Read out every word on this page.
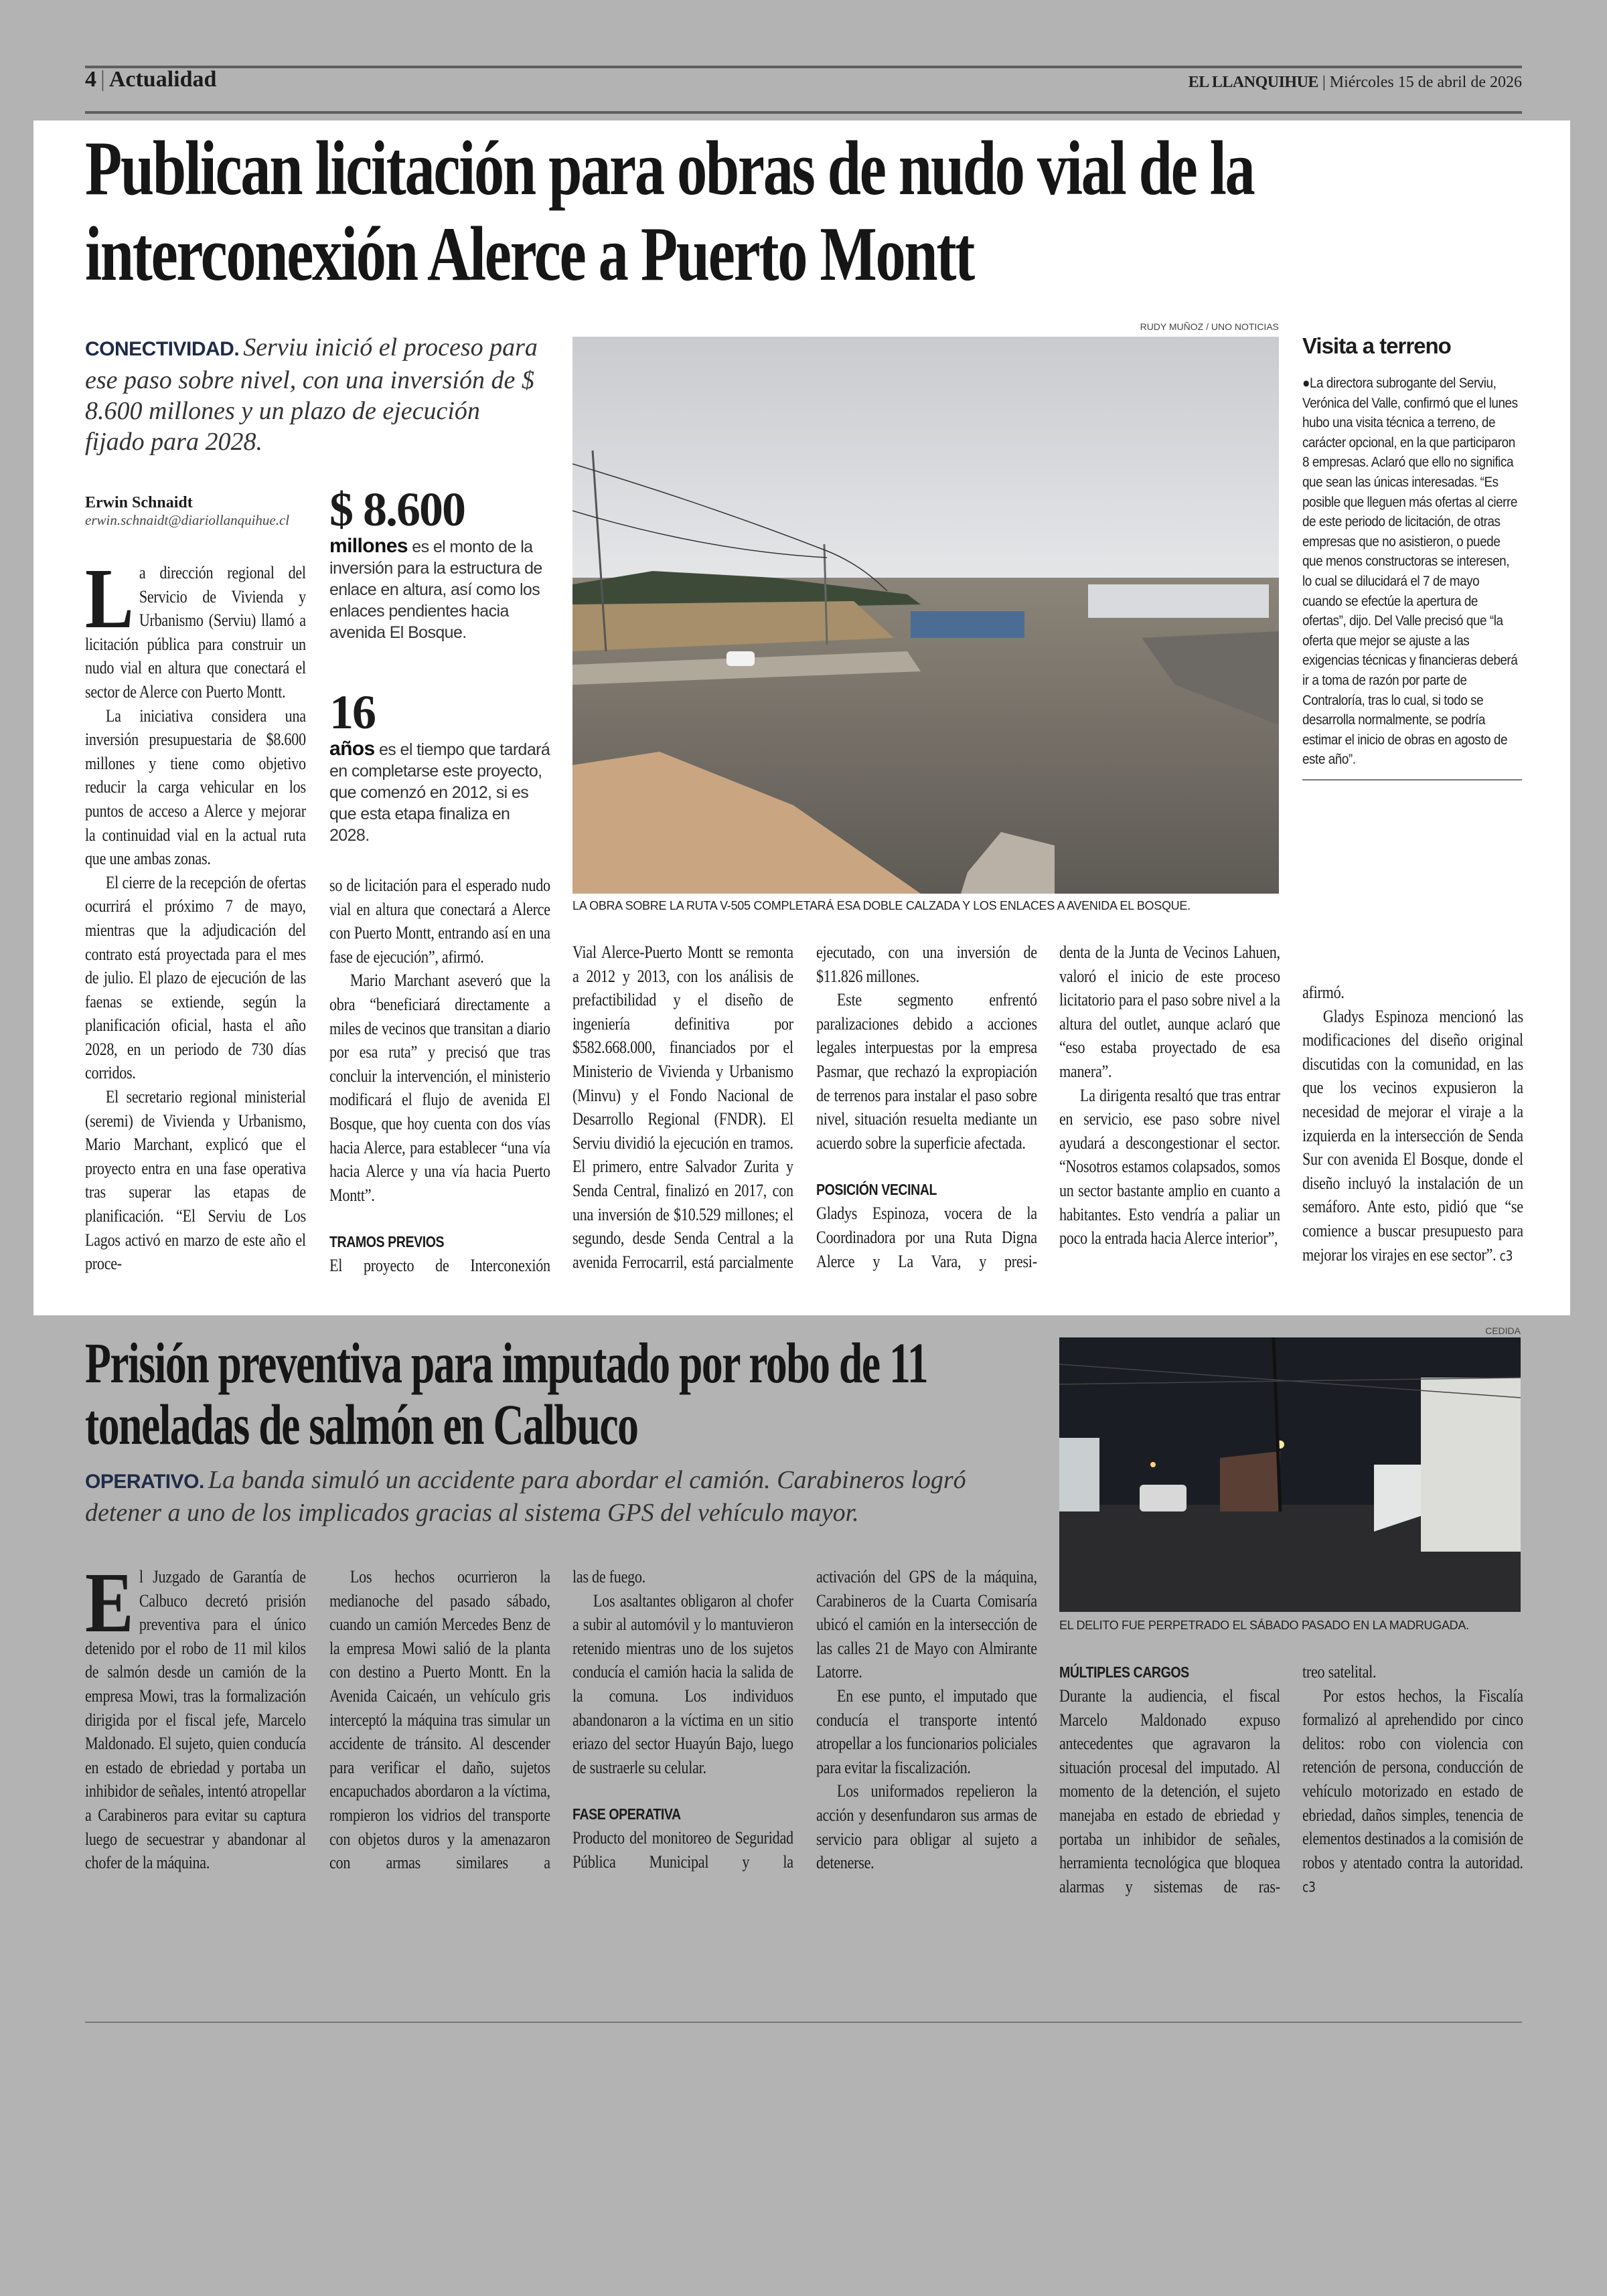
4 | Actualidad	EL LLANQUIHUE | Miércoles 15 de abril de 2026
Publican licitación para obras de nudo vial de la interconexión Alerce a Puerto Montt
CONECTIVIDAD. Serviu inició el proceso para ese paso sobre nivel, con una inversión de $ 8.600 millones y un plazo de ejecución fijado para 2028.
Erwin Schnaidt
erwin.schnaidt@diariollanquihue.cl

La dirección regional del Servicio de Vivienda y Urbanismo (Serviu) llamó a licitación pública para construir un nudo vial en altura que conectará el sector de Alerce con Puerto Montt.

La iniciativa considera una inversión presupuestaria de $8.600 millones y tiene como objetivo reducir la carga vehicular en los puntos de acceso a Alerce y mejorar la continuidad vial en la actual ruta que une ambas zonas.

El cierre de la recepción de ofertas ocurrirá el próximo 7 de mayo, mientras que la adjudicación del contrato está proyectada para el mes de julio. El plazo de ejecución de las faenas se extiende, según la planificación oficial, hasta el año 2028, en un periodo de 730 días corridos.

El secretario regional ministerial (seremi) de Vivienda y Urbanismo, Mario Marchant, explicó que el proyecto entra en una fase operativa tras superar las etapas de planificación. “El Serviu de Los Lagos activó en marzo de este año el proce-

$ 8.600
millones es el monto de la inversión para la estructura de enlace en altura, así como los enlaces pendientes hacia avenida El Bosque.
16
años es el tiempo que tardará en completarse este proyecto, que comenzó en 2012, si es que esta etapa finaliza en 2028.

so de licitación para el esperado nudo vial en altura que conectará a Alerce con Puerto Montt, entrando así en una fase de ejecución”, afirmó.

Mario Marchant aseveró que la obra “beneficiará directamente a miles de vecinos que transitan a diario por esa ruta” y precisó que tras concluir la intervención, el ministerio modificará el flujo de avenida El Bosque, que hoy cuenta con dos vías hacia Alerce, para establecer “una vía hacia Alerce y una vía hacia Puerto Montt”.

TRAMOS PREVIOS

El proyecto de Interconexión

RUDY MUÑOZ / UNO NOTICIAS
LA OBRA SOBRE LA RUTA V-505 COMPLETARÁ ESA DOBLE CALZADA Y LOS ENLACES A AVENIDA EL BOSQUE.

Vial Alerce-Puerto Montt se remonta a 2012 y 2013, con los análisis de prefactibilidad y el diseño de ingeniería definitiva por $582.668.000, financiados por el Ministerio de Vivienda y Urbanismo (Minvu) y el Fondo Nacional de Desarrollo Regional (FNDR). El Serviu dividió la ejecución en tramos. El primero, entre Salvador Zurita y Senda Central, finalizó en 2017, con una inversión de $10.529 millones; el segundo, desde Senda Central a la avenida Ferrocarril, está parcialmente

ejecutado, con una inversión de $11.826 millones.

Este segmento enfrentó paralizaciones debido a acciones legales interpuestas por la empresa Pasmar, que rechazó la expropiación de terrenos para instalar el paso sobre nivel, situación resuelta mediante un acuerdo sobre la superficie afectada.

POSICIÓN VECINAL

Gladys Espinoza, vocera de la Coordinadora por una Ruta Digna Alerce y La Vara, y presi-

denta de la Junta de Vecinos Lahuen, valoró el inicio de este proceso licitatorio para el paso sobre nivel a la altura del outlet, aunque aclaró que “eso estaba proyectado de esa manera”.

La dirigenta resaltó que tras entrar en servicio, ese paso sobre nivel ayudará a descongestionar el sector. “Nosotros estamos colapsados, somos un sector bastante amplio en cuanto a habitantes. Esto vendría a paliar un poco la entrada hacia Alerce interior”,

Visita a terreno
●La directora subrogante del Serviu, Verónica del Valle, confirmó que el lunes hubo una visita técnica a terreno, de carácter opcional, en la que participaron 8 empresas. Aclaró que ello no significa que sean las únicas interesadas. “Es posible que lleguen más ofertas al cierre de este periodo de licitación, de otras empresas que no asistieron, o puede que menos constructoras se interesen, lo cual se dilucidará el 7 de mayo cuando se efectúe la apertura de ofertas”, dijo. Del Valle precisó que “la oferta que mejor se ajuste a las exigencias técnicas y financieras deberá ir a toma de razón por parte de Contraloría, tras lo cual, si todo se desarrolla normalmente, se podría estimar el inicio de obras en agosto de este año”.

afirmó.

Gladys Espinoza mencionó las modificaciones del diseño original discutidas con la comunidad, en las que los vecinos expusieron la necesidad de mejorar el viraje a la izquierda en la intersección de Senda Sur con avenida El Bosque, donde el diseño incluyó la instalación de un semáforo. Ante esto, pidió que “se comience a buscar presupuesto para mejorar los virajes en ese sector”. ϲ3

Prisión preventiva para imputado por robo de 11 toneladas de salmón en Calbuco
OPERATIVO. La banda simuló un accidente para abordar el camión. Carabineros logró detener a uno de los implicados gracias al sistema GPS del vehículo mayor.
CEDIDA
EL DELITO FUE PERPETRADO EL SÁBADO PASADO EN LA MADRUGADA.

El Juzgado de Garantía de Calbuco decretó prisión preventiva para el único detenido por el robo de 11 mil kilos de salmón desde un camión de la empresa Mowi, tras la formalización dirigida por el fiscal jefe, Marcelo Maldonado. El sujeto, quien conducía en estado de ebriedad y portaba un inhibidor de señales, intentó atropellar a Carabineros para evitar su captura luego de secuestrar y abandonar al chofer de la máquina.

Los hechos ocurrieron la medianoche del pasado sábado, cuando un camión Mercedes Benz de la empresa Mowi salió de la planta con destino a Puerto Montt. En la Avenida Caicaén, un vehículo gris interceptó la máquina tras simular un accidente de tránsito. Al descender para verificar el daño, sujetos encapuchados abordaron a la víctima, rompieron los vidrios del transporte con objetos duros y la amenazaron con armas similares a

las de fuego.

Los asaltantes obligaron al chofer a subir al automóvil y lo mantuvieron retenido mientras uno de los sujetos conducía el camión hacia la salida de la comuna. Los individuos abandonaron a la víctima en un sitio eriazo del sector Huayún Bajo, luego de sustraerle su celular.

FASE OPERATIVA

Producto del monitoreo de Seguridad Pública Municipal y la

activación del GPS de la máquina, Carabineros de la Cuarta Comisaría ubicó el camión en la intersección de las calles 21 de Mayo con Almirante Latorre.

En ese punto, el imputado que conducía el transporte intentó atropellar a los funcionarios policiales para evitar la fiscalización.

Los uniformados repelieron la acción y desenfundaron sus armas de servicio para obligar al sujeto a detenerse.

MÚLTIPLES CARGOS

Durante la audiencia, el fiscal Marcelo Maldonado expuso antecedentes que agravaron la situación procesal del imputado. Al momento de la detención, el sujeto manejaba en estado de ebriedad y portaba un inhibidor de señales, herramienta tecnológica que bloquea alarmas y sistemas de ras-

treo satelital.

Por estos hechos, la Fiscalía formalizó al aprehendido por cinco delitos: robo con violencia con retención de persona, conducción de vehículo motorizado en estado de ebriedad, daños simples, tenencia de elementos destinados a la comisión de robos y atentado contra la autoridad. ϲ3
